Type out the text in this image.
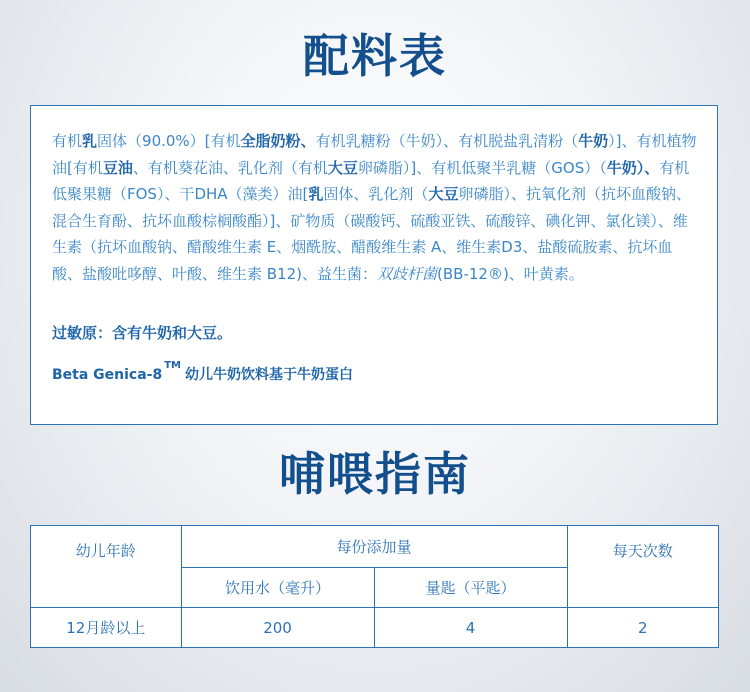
配料表
有机乳固体（90.0%）[有机全脂奶粉、有机乳糖粉（牛奶）、有机脱盐乳清粉（牛奶）]、有机植物油[有机豆油、有机葵花油、乳化剂（有机大豆卵磷脂）]、有机低聚半乳糖（GOS）（牛奶）、有机低聚果糖（FOS）、干DHA（藻类）油[乳固体、乳化剂（大豆卵磷脂）、抗氧化剂（抗坏血酸钠、混合生育酚、抗坏血酸棕榈酸酯）]、矿物质（碳酸钙、硫酸亚铁、硫酸锌、碘化钾、氯化镁）、维生素（抗坏血酸钠、醋酸维生素 E、烟酰胺、醋酸维生素 A、维生素D3、盐酸硫胺素、抗坏血酸、盐酸吡哆醇、叶酸、维生素 B12)、益生菌：双歧杆菌(BB-12®)、叶黄素。
过敏原：含有牛奶和大豆。
Beta Genica-8™幼儿牛奶饮料基于牛奶蛋白
哺喂指南
幼儿年龄	每份添加量		每天次数
	饮用水（毫升）	量匙（平匙）	
12月龄以上	200	4	2
